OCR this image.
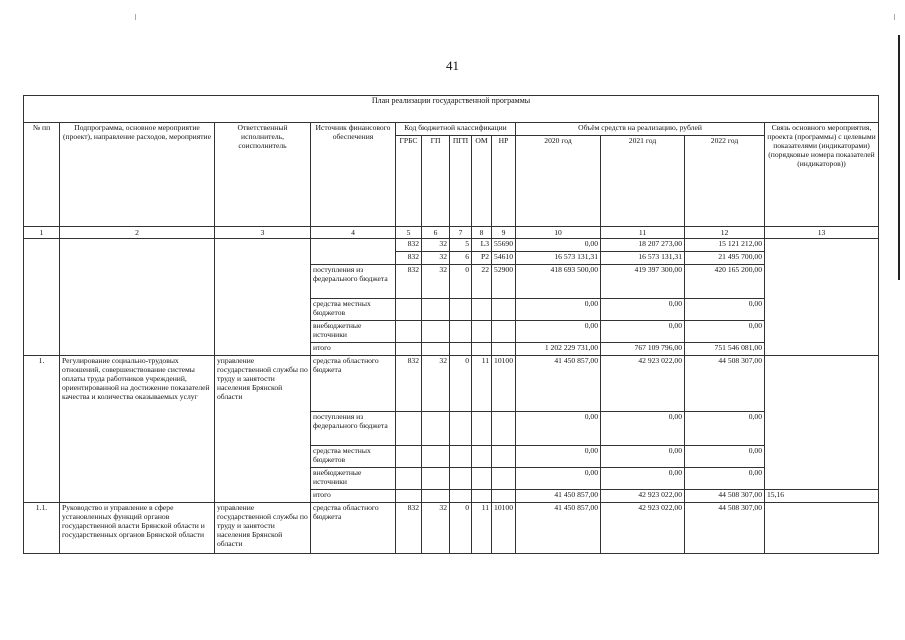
41
План реализации государственной программы												
№ пп	Подпрограмма, основное мероприятие (проект), направление расходов, мероприятие	Ответственный исполнитель, соисполнитель	Источник финансового обеспечения	Код бюджетной классификации					Объём средств на реализацию, рублей			Связь основного мероприятия, проекта (программы) с целевыми показателями (индикаторами) (порядковые номера показателей (индикаторов))
				ГРБС	ГП	ПГП	ОМ	НР	2020 год	2021 год	2022 год	
1	2	3	4	5	6	7	8	9	10	11	12	13
				832	32	5	L3	55690	0,00	18 207 273,00	15 121 212,00	
				832	32	6	P2	54610	16 573 131,31	16 573 131,31	21 495 700,00	
			поступления из федерального бюджета	832	32	0	22	52900	418 693 500,00	419 397 300,00	420 165 200,00	
			средства местных бюджетов						0,00	0,00	0,00	
			внебюджетные источники						0,00	0,00	0,00	
			итого						1 202 229 731,00	767 109 796,00	751 546 081,00	
1.	Регулирование социально-трудовых отношений, совершенствование системы оплаты труда работников учреждений, ориентированной на достижение показателей качества и количества оказываемых услуг	управление государственной службы по труду и занятости населения Брянской области	средства областного бюджета	832	32	0	11	10100	41 450 857,00	42 923 022,00	44 508 307,00	
			поступления из федерального бюджета						0,00	0,00	0,00	
			средства местных бюджетов						0,00	0,00	0,00	
			внебюджетные источники						0,00	0,00	0,00	
			итого						41 450 857,00	42 923 022,00	44 508 307,00	15,16
1.1.	Руководство и управление в сфере установленных функций органов государственной власти Брянской области и государственных органов Брянской области	управление государственной службы по труду и занятости населения Брянской области	средства областного бюджета	832	32	0	11	10100	41 450 857,00	42 923 022,00	44 508 307,00	
